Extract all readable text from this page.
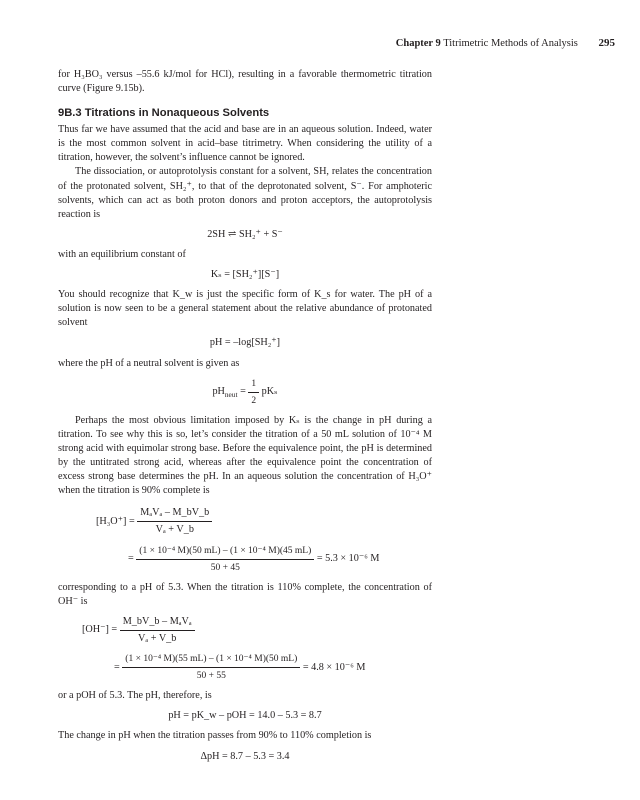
Chapter 9 Titrimetric Methods of Analysis 295

for H₃BO₃ versus –55.6 kJ/mol for HCl), resulting in a favorable thermometric titration curve (Figure 9.15b).

9B.3 Titrations in Nonaqueous Solvents

Thus far we have assumed that the acid and base are in an aqueous solution. Indeed, water is the most common solvent in acid–base titrimetry. When considering the utility of a titration, however, the solvent’s influence cannot be ignored.

The dissociation, or autoprotolysis constant for a solvent, SH, relates the concentration of the protonated solvent, SH₂⁺, to that of the deprotonated solvent, S⁻. For amphoteric solvents, which can act as both proton donors and proton acceptors, the autoprotolysis reaction is

2SH ⇌ SH₂⁺ + S⁻

with an equilibrium constant of

Kₛ = [SH₂⁺][S⁻]

You should recognize that K_w is just the specific form of K_s for water. The pH of a solution is now seen to be a general statement about the relative abundance of protonated solvent

pH = –log[SH₂⁺]

where the pH of a neutral solvent is given as

$pH_{neut} = \frac{1}{2}$ pKₛ

Perhaps the most obvious limitation imposed by Kₛ is the change in pH during a titration. To see why this is so, let’s consider the titration of a 50 mL solution of 10⁻⁴ M strong acid with equimolar strong base. Before the equivalence point, the pH is determined by the untitrated strong acid, whereas after the equivalence point the concentration of excess strong base determines the pH. In an aqueous solution the concentration of H₃O⁺ when the titration is 90% complete is

$[H_3O^+] = \frac{\text{MₐVₐ – M\_bV\_b}}{\text{Vₐ + V\_b}}$
= $\frac{\text{(1 × 10⁻⁴ M)(50 mL) – (1 × 10⁻⁴ M)(45 mL)}}{50 + 45} = 5.3 \times 10^{-6}$ M

corresponding to a pH of 5.3. When the titration is 110% complete, the concentration of OH⁻ is

$[OH^-] = \frac{\text{M\_bV\_b – MₐVₐ}}{\text{Vₐ + V\_b}}$
= $\frac{\text{(1 × 10⁻⁴ M)(55 mL) – (1 × 10⁻⁴ M)(50 mL)}}{50 + 55} = 4.8 \times 10^{-6}$ M

or a pOH of 5.3. The pH, therefore, is

pH = pK_w – pOH = 14.0 – 5.3 = 8.7

The change in pH when the titration passes from 90% to 110% completion is

ΔpH = 8.7 – 5.3 = 3.4
